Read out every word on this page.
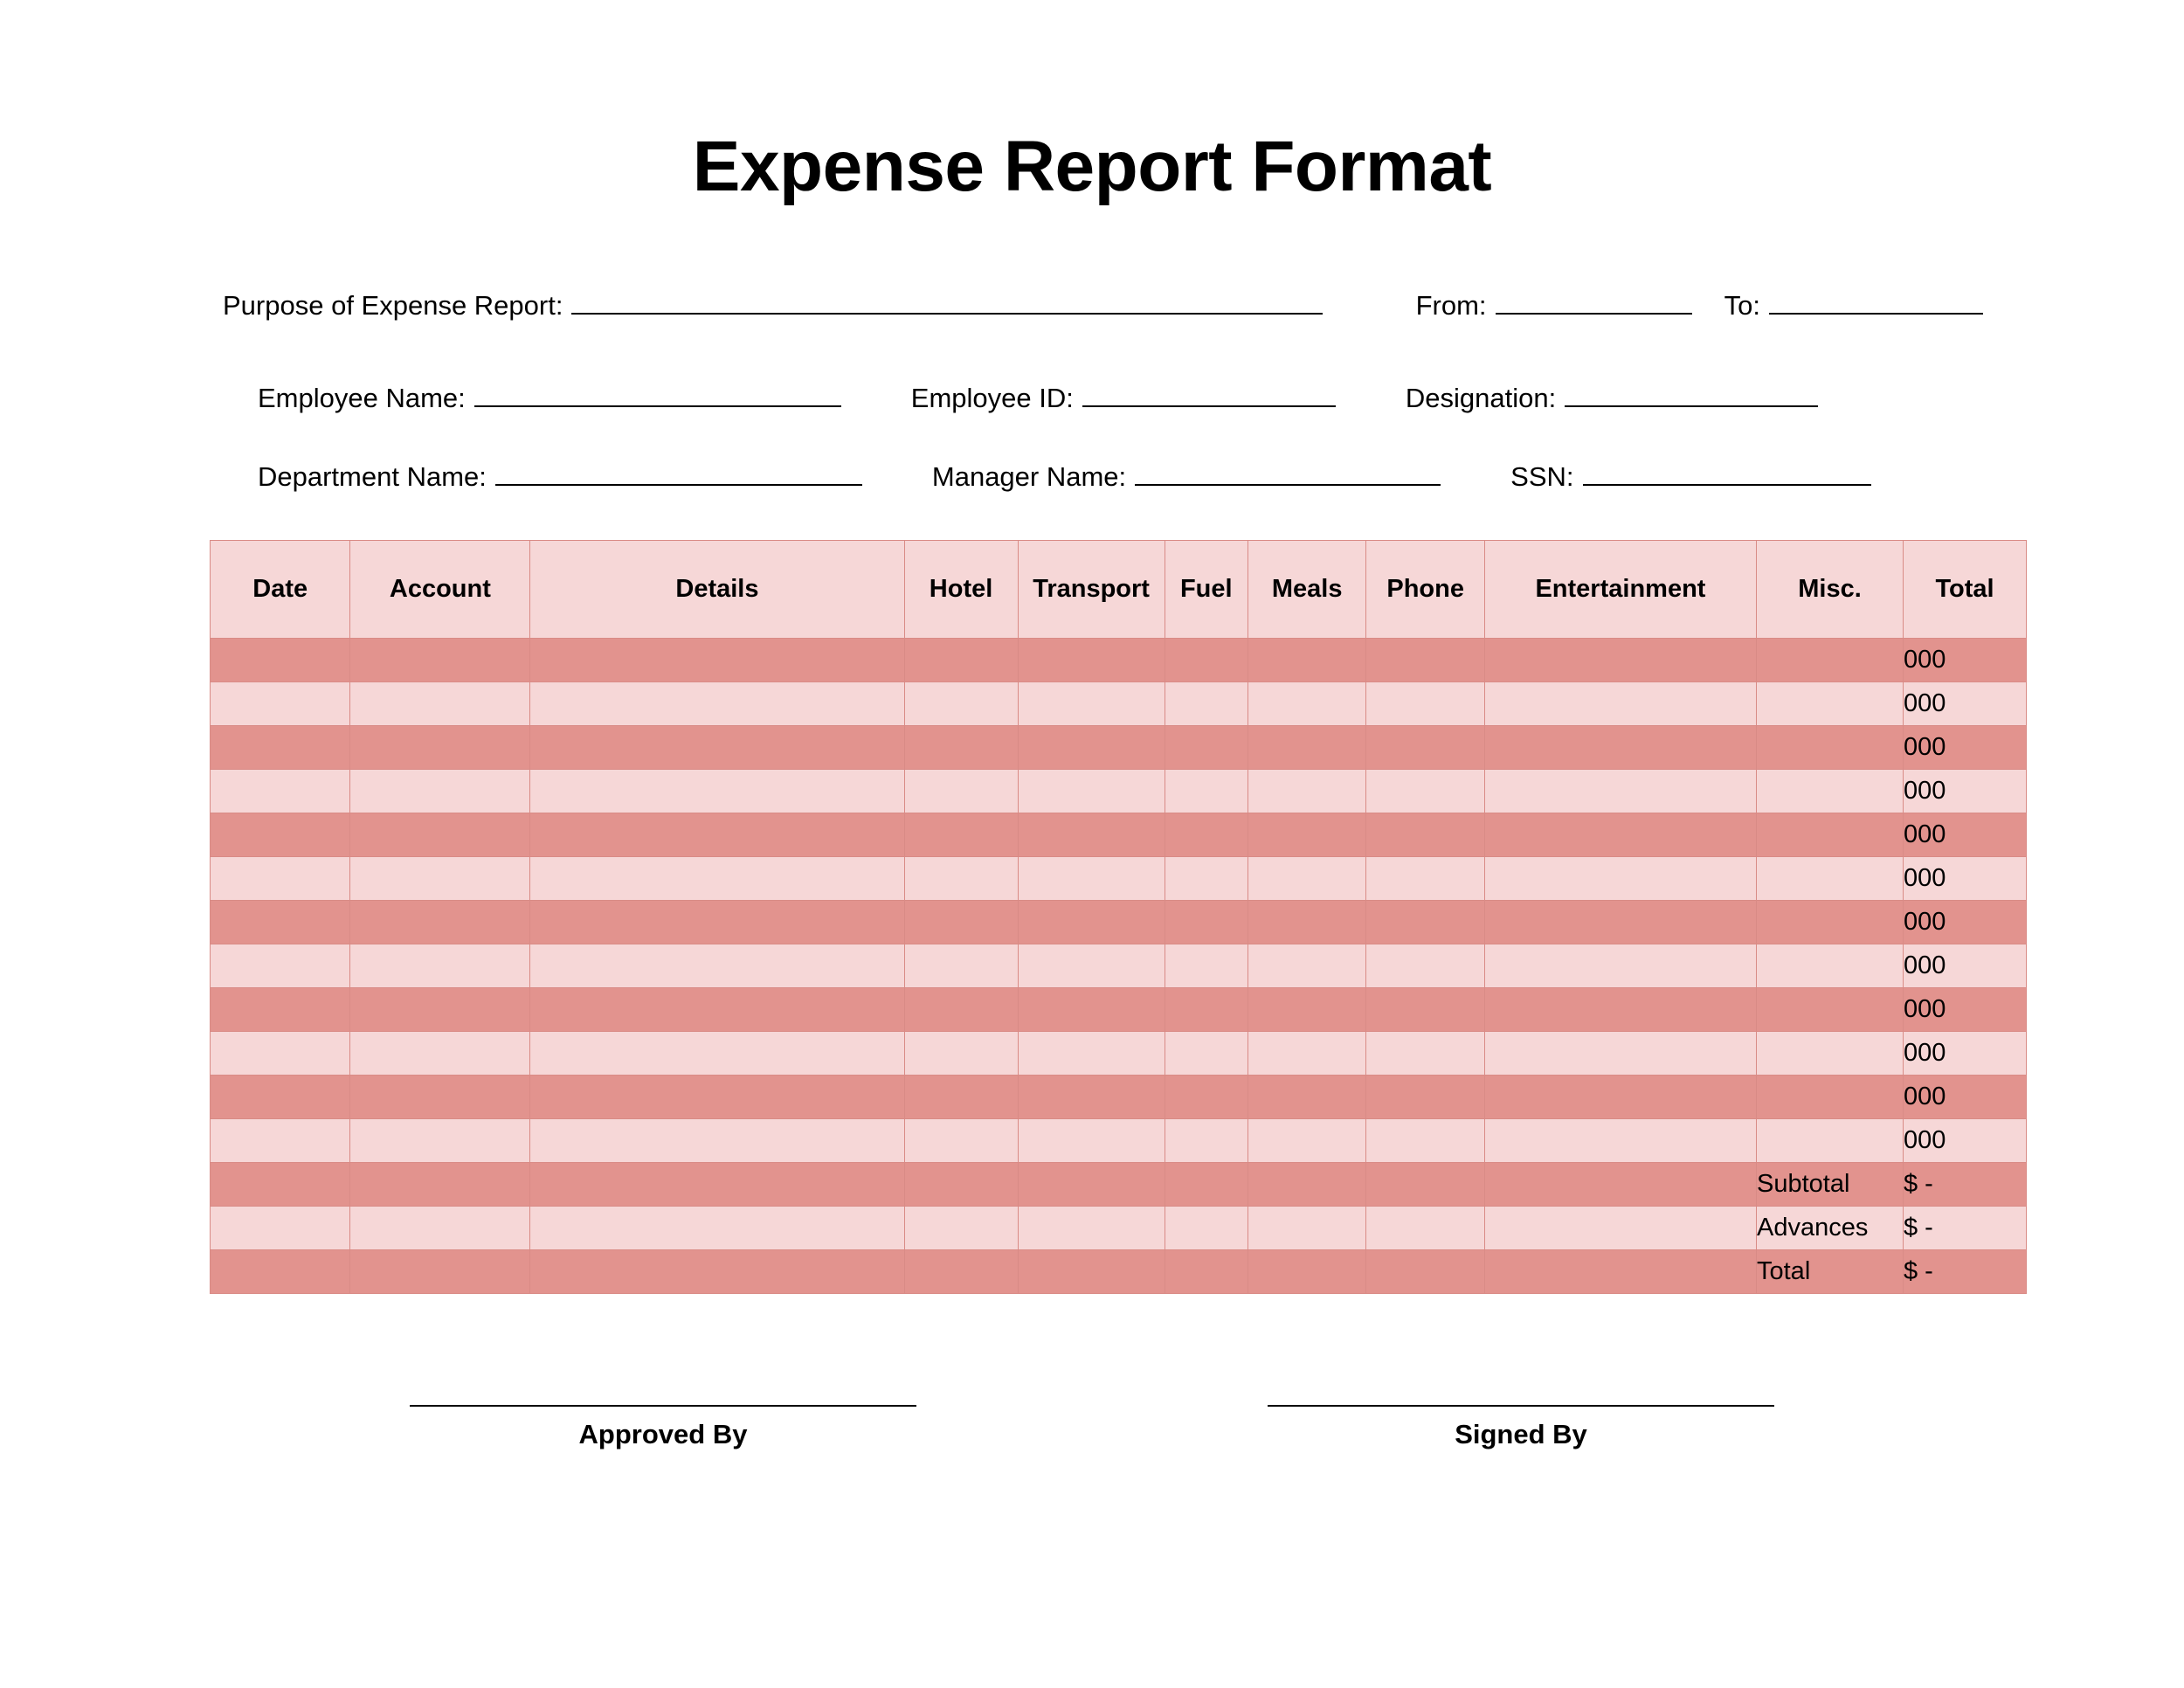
Expense Report Format
Purpose of Expense Report:	From:	To:
Employee Name:	Employee ID:	Designation:
Department Name:	Manager Name:	SSN:
Date	Account	Details	Hotel	Transport	Fuel	Meals	Phone	Entertainment	Misc.	Total
										000
										000
										000
										000
										000
										000
										000
										000
										000
										000
										000
										000
									Subtotal	$ -
									Advances	$ -
									Total	$ -
Approved By	Signed By
